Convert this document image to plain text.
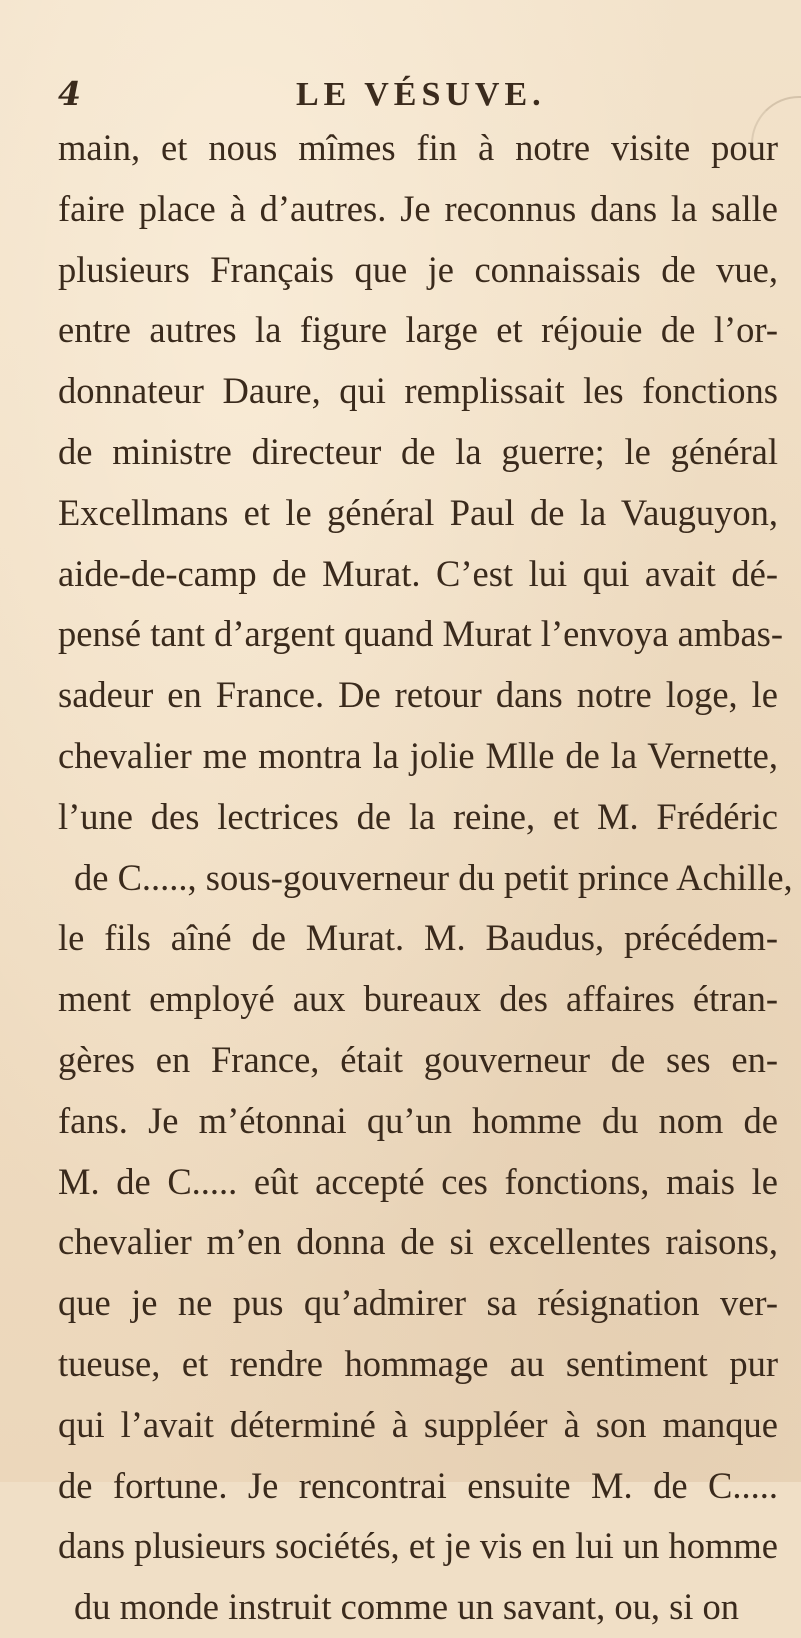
4	LE VÉSUVE.
main, et nous mîmes fin à notre visite pour
faire place à d’autres. Je reconnus dans la salle
plusieurs Français que je connaissais de vue,
entre autres la figure large et réjouie de l’or-
donnateur Daure, qui remplissait les fonctions
de ministre directeur de la guerre; le général
Excellmans et le général Paul de la Vauguyon,
aide-de-camp de Murat. C’est lui qui avait dé-
pensé tant d’argent quand Murat l’envoya ambas-
sadeur en France. De retour dans notre loge, le
chevalier me montra la jolie Mlle de la Vernette,
l’une des lectrices de la reine, et M. Frédéric
de C....., sous-gouverneur du petit prince Achille,
le fils aîné de Murat. M. Baudus, précédem-
ment employé aux bureaux des affaires étran-
gères en France, était gouverneur de ses en-
fans. Je m’étonnai qu’un homme du nom de
M. de C..... eût accepté ces fonctions, mais le
chevalier m’en donna de si excellentes raisons,
que je ne pus qu’admirer sa résignation ver-
tueuse, et rendre hommage au sentiment pur
qui l’avait déterminé à suppléer à son manque
de fortune. Je rencontrai ensuite M. de C.....
dans plusieurs sociétés, et je vis en lui un homme
du monde instruit comme un savant, ou, si on
